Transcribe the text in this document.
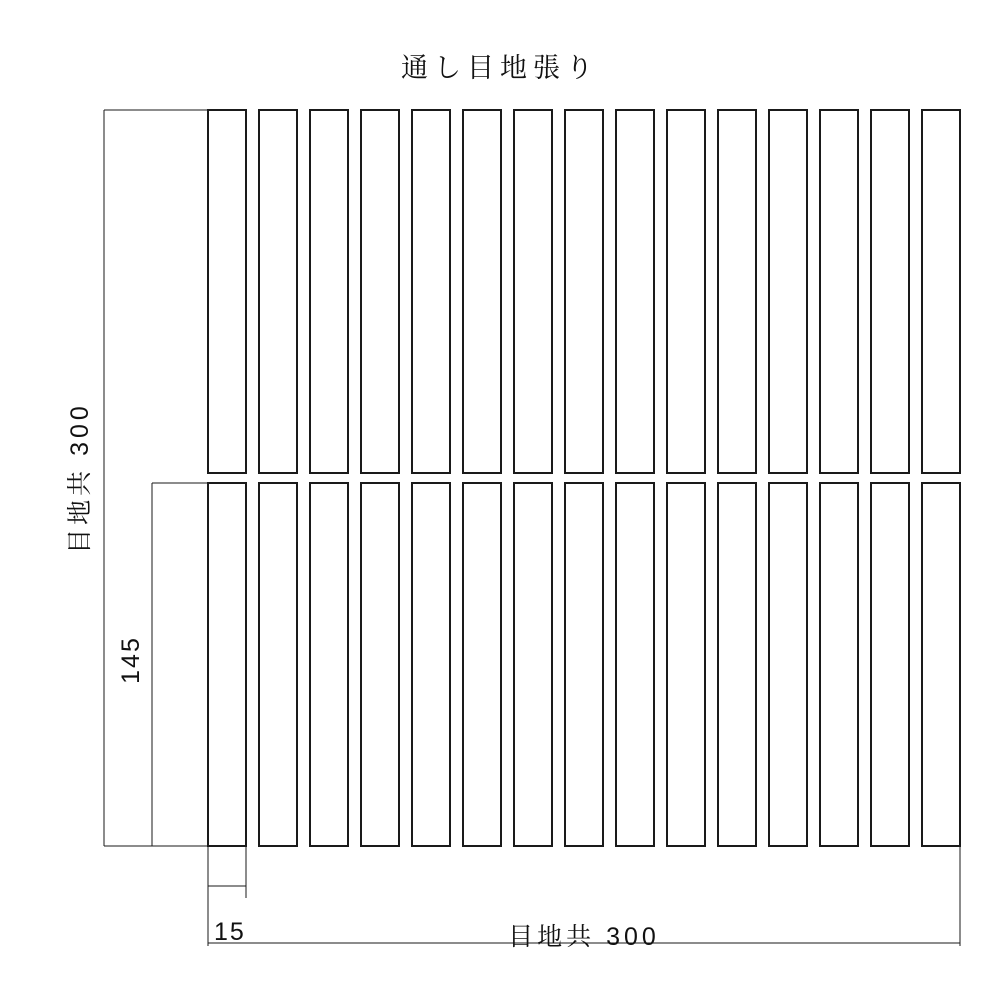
通し目地張り
目地共 300
145
15	目地共 300
